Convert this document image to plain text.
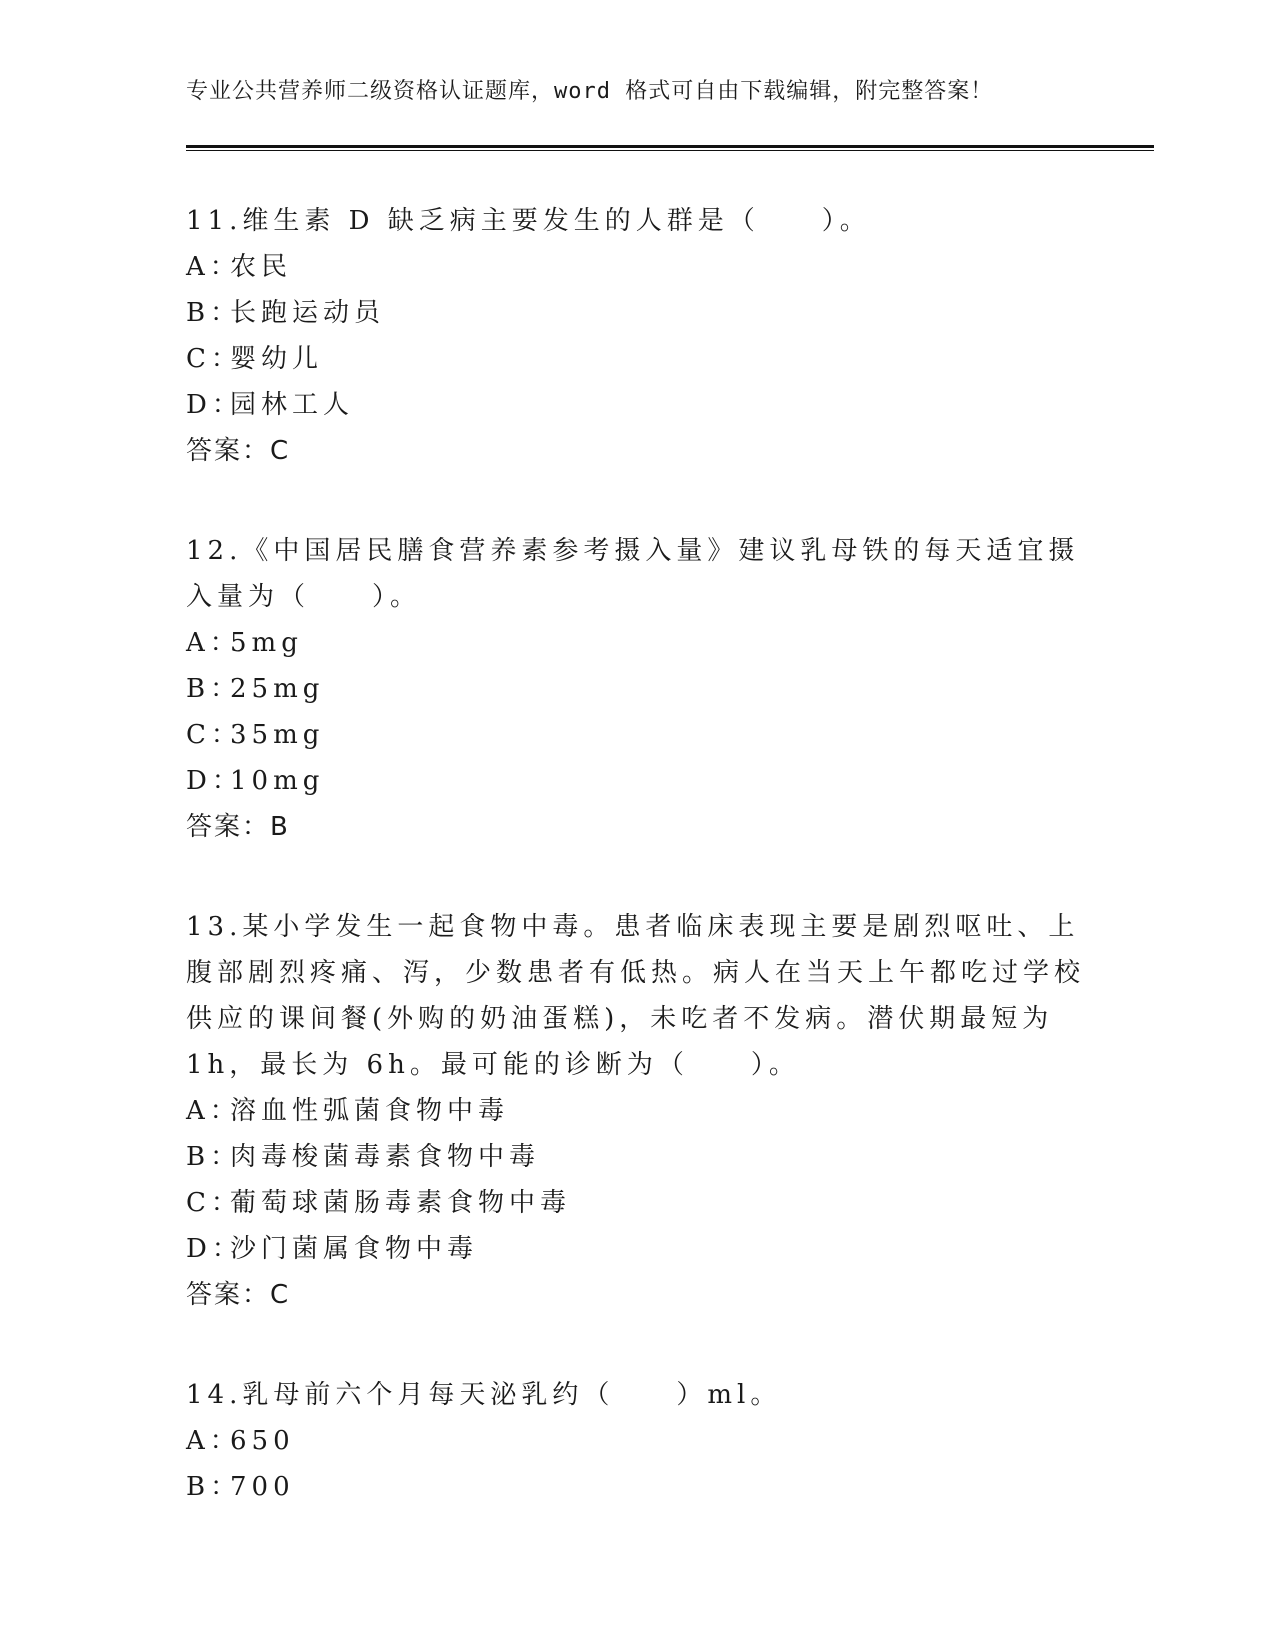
专业公共营养师二级资格认证题库，word 格式可自由下载编辑，附完整答案！
11.维生素 D 缺乏病主要发生的人群是（　　）。
A：农民
B：长跑运动员
C：婴幼儿
D：园林工人
答案：C
12.《中国居民膳食营养素参考摄入量》建议乳母铁的每天适宜摄入量为（　　）。
A：5mg
B：25mg
C：35mg
D：10mg
答案：B
13.某小学发生一起食物中毒。患者临床表现主要是剧烈呕吐、上腹部剧烈疼痛、泻，少数患者有低热。病人在当天上午都吃过学校供应的课间餐(外购的奶油蛋糕)，未吃者不发病。潜伏期最短为 1h，最长为 6h。最可能的诊断为（　　）。
A：溶血性弧菌食物中毒
B：肉毒梭菌毒素食物中毒
C：葡萄球菌肠毒素食物中毒
D：沙门菌属食物中毒
答案：C
14.乳母前六个月每天泌乳约（　　）ml。
A：650
B：700
